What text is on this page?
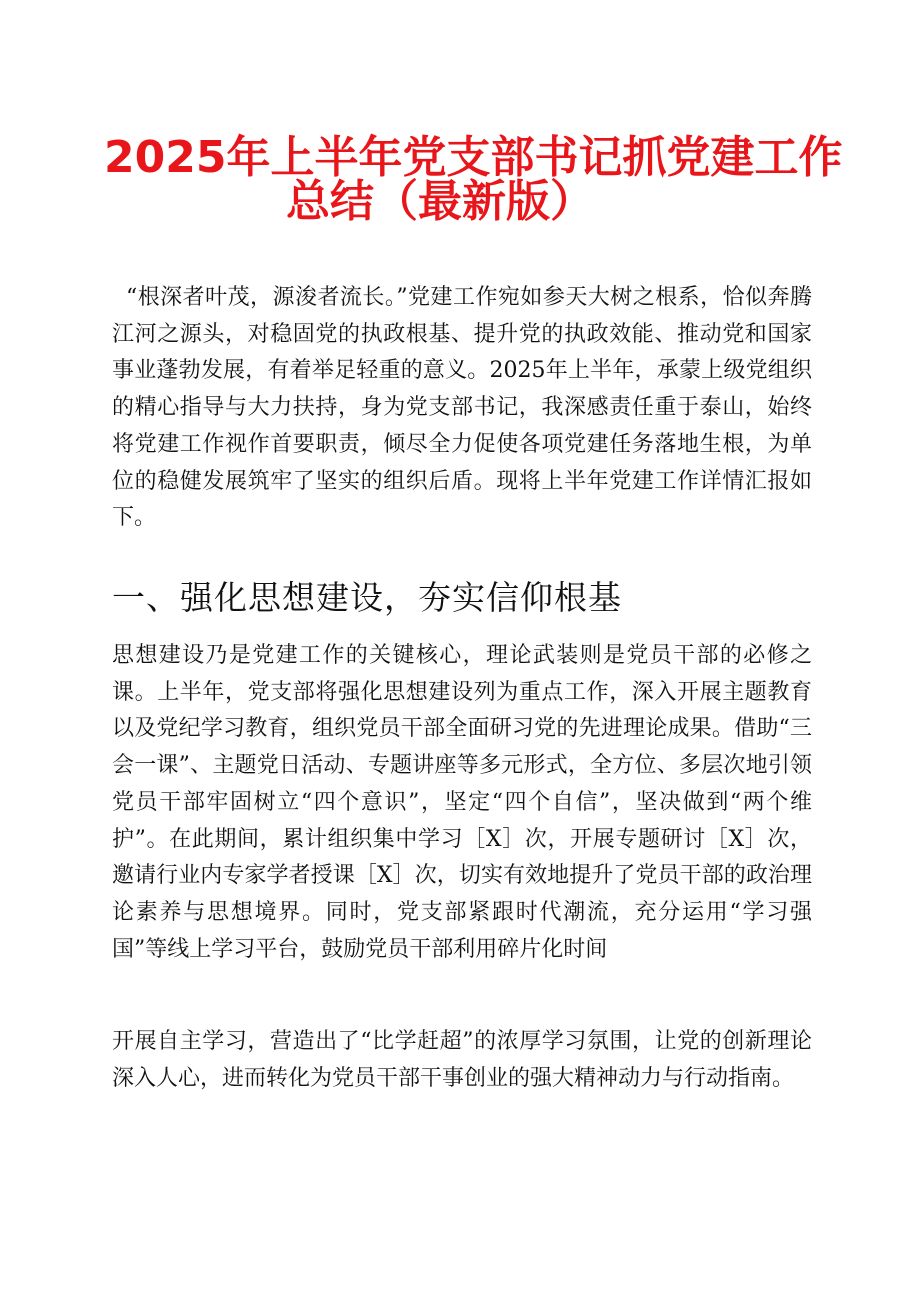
2025年上半年党支部书记抓党建工作
总结（最新版）

“根深者叶茂，源浚者流长。”党建工作宛如参天大树之根系，恰似奔腾江河之源头，对稳固党的执政根基、提升党的执政效能、推动党和国家事业蓬勃发展，有着举足轻重的意义。2025年上半年，承蒙上级党组织的精心指导与大力扶持，身为党支部书记，我深感责任重于泰山，始终将党建工作视作首要职责，倾尽全力促使各项党建任务落地生根，为单位的稳健发展筑牢了坚实的组织后盾。现将上半年党建工作详情汇报如下。

一、强化思想建设，夯实信仰根基

思想建设乃是党建工作的关键核心，理论武装则是党员干部的必修之课。上半年，党支部将强化思想建设列为重点工作，深入开展主题教育以及党纪学习教育，组织党员干部全面研习党的先进理论成果。借助“三会一课”、主题党日活动、专题讲座等多元形式，全方位、多层次地引领党员干部牢固树立“四个意识”，坚定“四个自信”，坚决做到“两个维护”。在此期间，累计组织集中学习［X］次，开展专题研讨［X］次，邀请行业内专家学者授课［X］次，切实有效地提升了党员干部的政治理论素养与思想境界。同时，党支部紧跟时代潮流，充分运用“学习强国”等线上学习平台，鼓励党员干部利用碎片化时间

开展自主学习，营造出了“比学赶超”的浓厚学习氛围，让党的创新理论深入人心，进而转化为党员干部干事创业的强大精神动力与行动指南。
